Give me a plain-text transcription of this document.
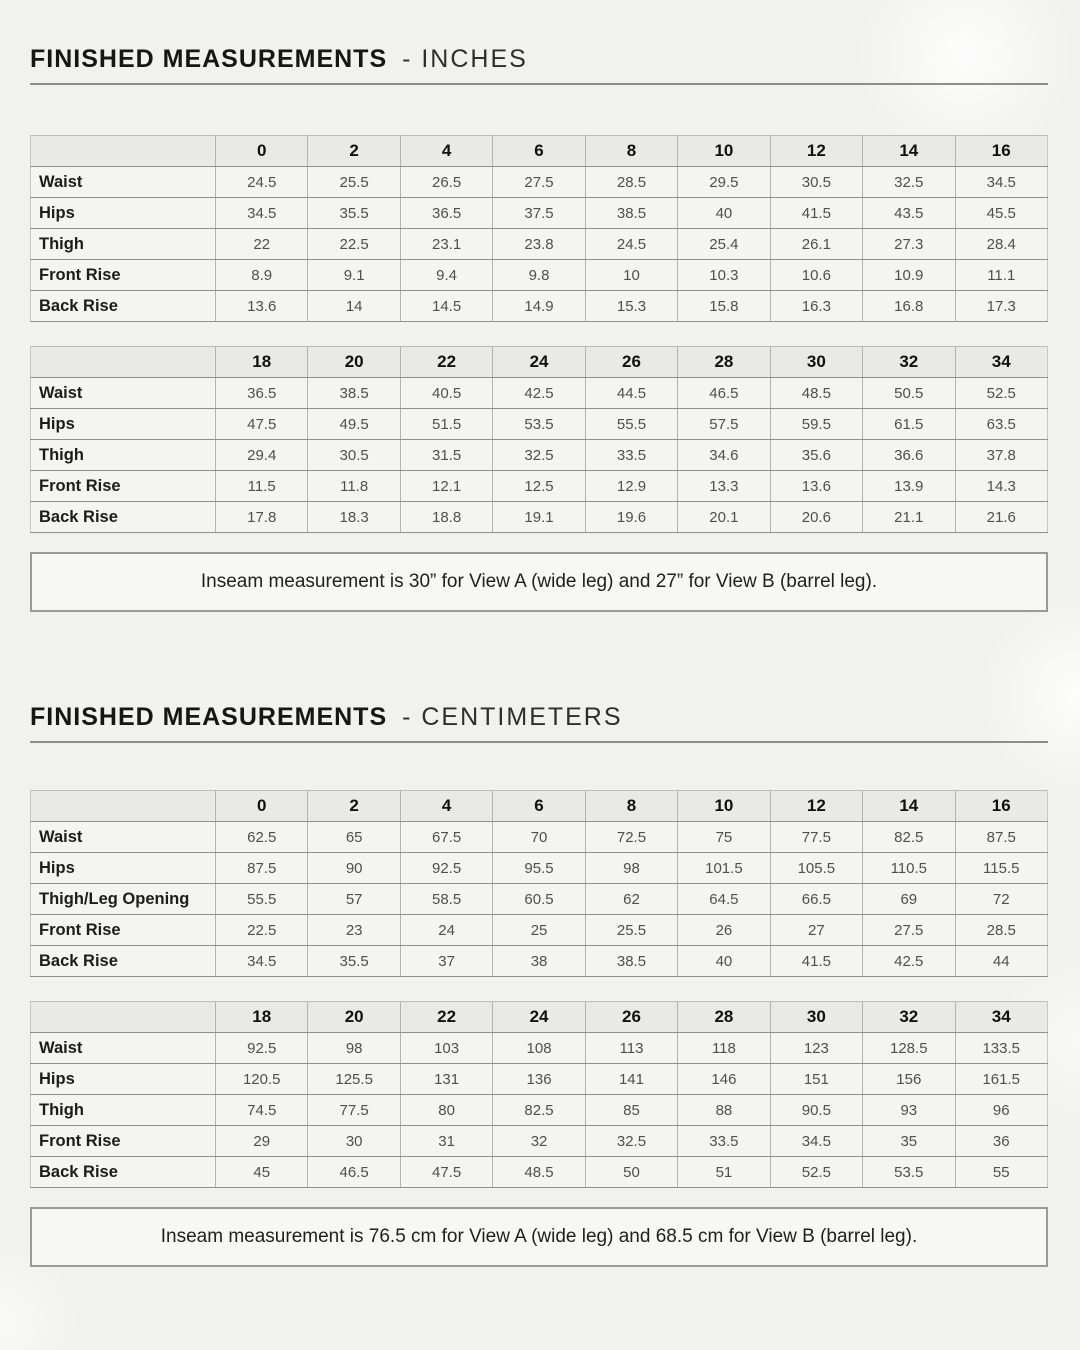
FINISHED MEASUREMENTS - INCHES
	0	2	4	6	8	10	12	14	16
Waist	24.5	25.5	26.5	27.5	28.5	29.5	30.5	32.5	34.5
Hips	34.5	35.5	36.5	37.5	38.5	40	41.5	43.5	45.5
Thigh	22	22.5	23.1	23.8	24.5	25.4	26.1	27.3	28.4
Front Rise	8.9	9.1	9.4	9.8	10	10.3	10.6	10.9	11.1
Back Rise	13.6	14	14.5	14.9	15.3	15.8	16.3	16.8	17.3
	18	20	22	24	26	28	30	32	34
Waist	36.5	38.5	40.5	42.5	44.5	46.5	48.5	50.5	52.5
Hips	47.5	49.5	51.5	53.5	55.5	57.5	59.5	61.5	63.5
Thigh	29.4	30.5	31.5	32.5	33.5	34.6	35.6	36.6	37.8
Front Rise	11.5	11.8	12.1	12.5	12.9	13.3	13.6	13.9	14.3
Back Rise	17.8	18.3	18.8	19.1	19.6	20.1	20.6	21.1	21.6
Inseam measurement is 30” for View A (wide leg) and 27” for View B (barrel leg).
FINISHED MEASUREMENTS - CENTIMETERS
	0	2	4	6	8	10	12	14	16
Waist	62.5	65	67.5	70	72.5	75	77.5	82.5	87.5
Hips	87.5	90	92.5	95.5	98	101.5	105.5	110.5	115.5
Thigh/Leg Opening	55.5	57	58.5	60.5	62	64.5	66.5	69	72
Front Rise	22.5	23	24	25	25.5	26	27	27.5	28.5
Back Rise	34.5	35.5	37	38	38.5	40	41.5	42.5	44
	18	20	22	24	26	28	30	32	34
Waist	92.5	98	103	108	113	118	123	128.5	133.5
Hips	120.5	125.5	131	136	141	146	151	156	161.5
Thigh	74.5	77.5	80	82.5	85	88	90.5	93	96
Front Rise	29	30	31	32	32.5	33.5	34.5	35	36
Back Rise	45	46.5	47.5	48.5	50	51	52.5	53.5	55
Inseam measurement is 76.5 cm for View A (wide leg) and 68.5 cm for View B (barrel leg).
